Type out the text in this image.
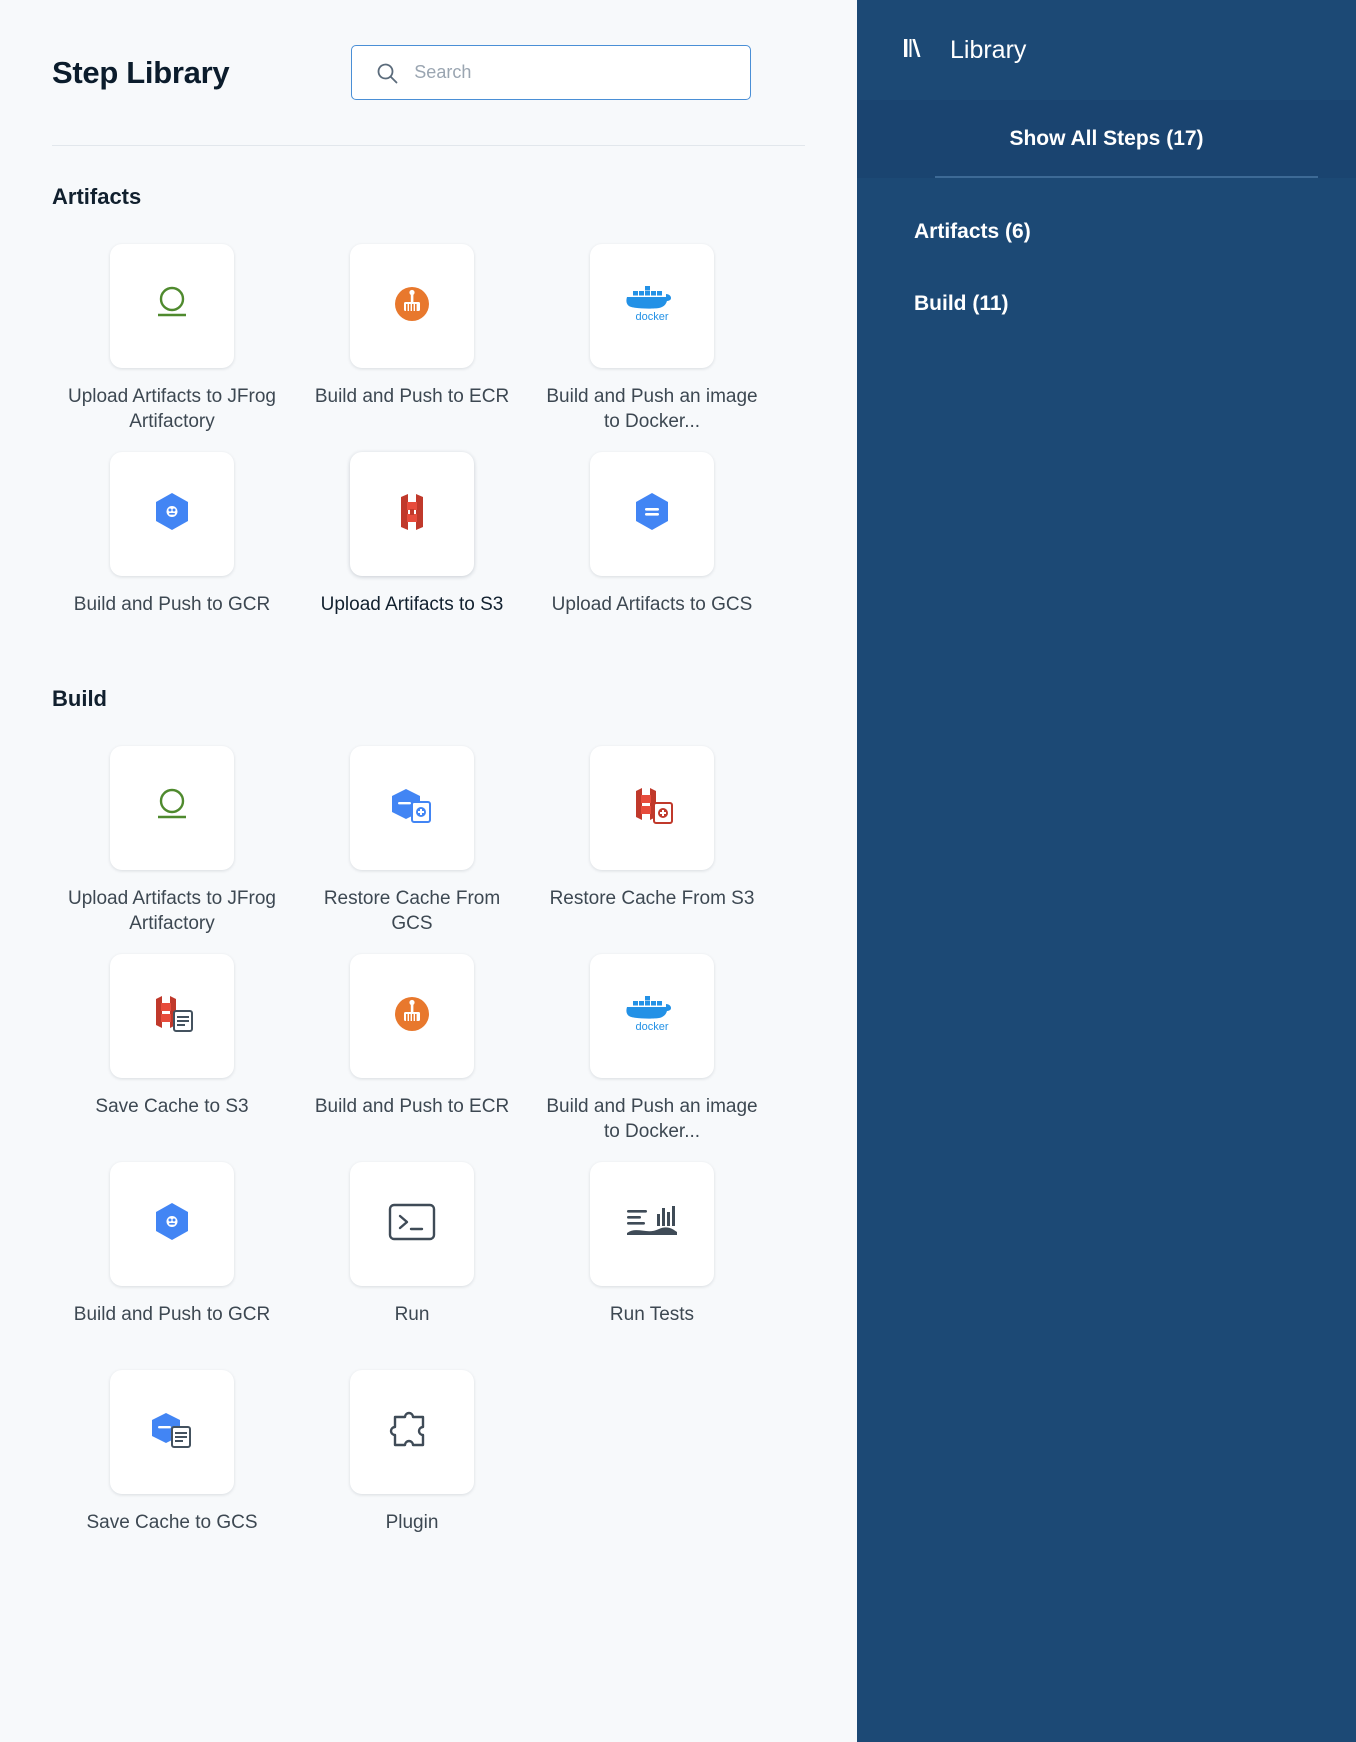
Step Library
Search
Artifacts
Upload Artifacts to JFrog Artifactory
Build and Push to ECR
docker
Build and Push an image to Docker...
Build and Push to GCR	Upload Artifacts to S3	Upload Artifacts to GCS
Build
Upload Artifacts to JFrog Artifactory
Restore Cache From GCS
Restore Cache From S3
Save Cache to S3	Build and Push to ECR
docker
Build and Push an image to Docker...
Build and Push to GCR	Run	Run Tests
Save Cache to GCS	Plugin
Library
Show All Steps (17)
Artifacts (6)
Build (11)
